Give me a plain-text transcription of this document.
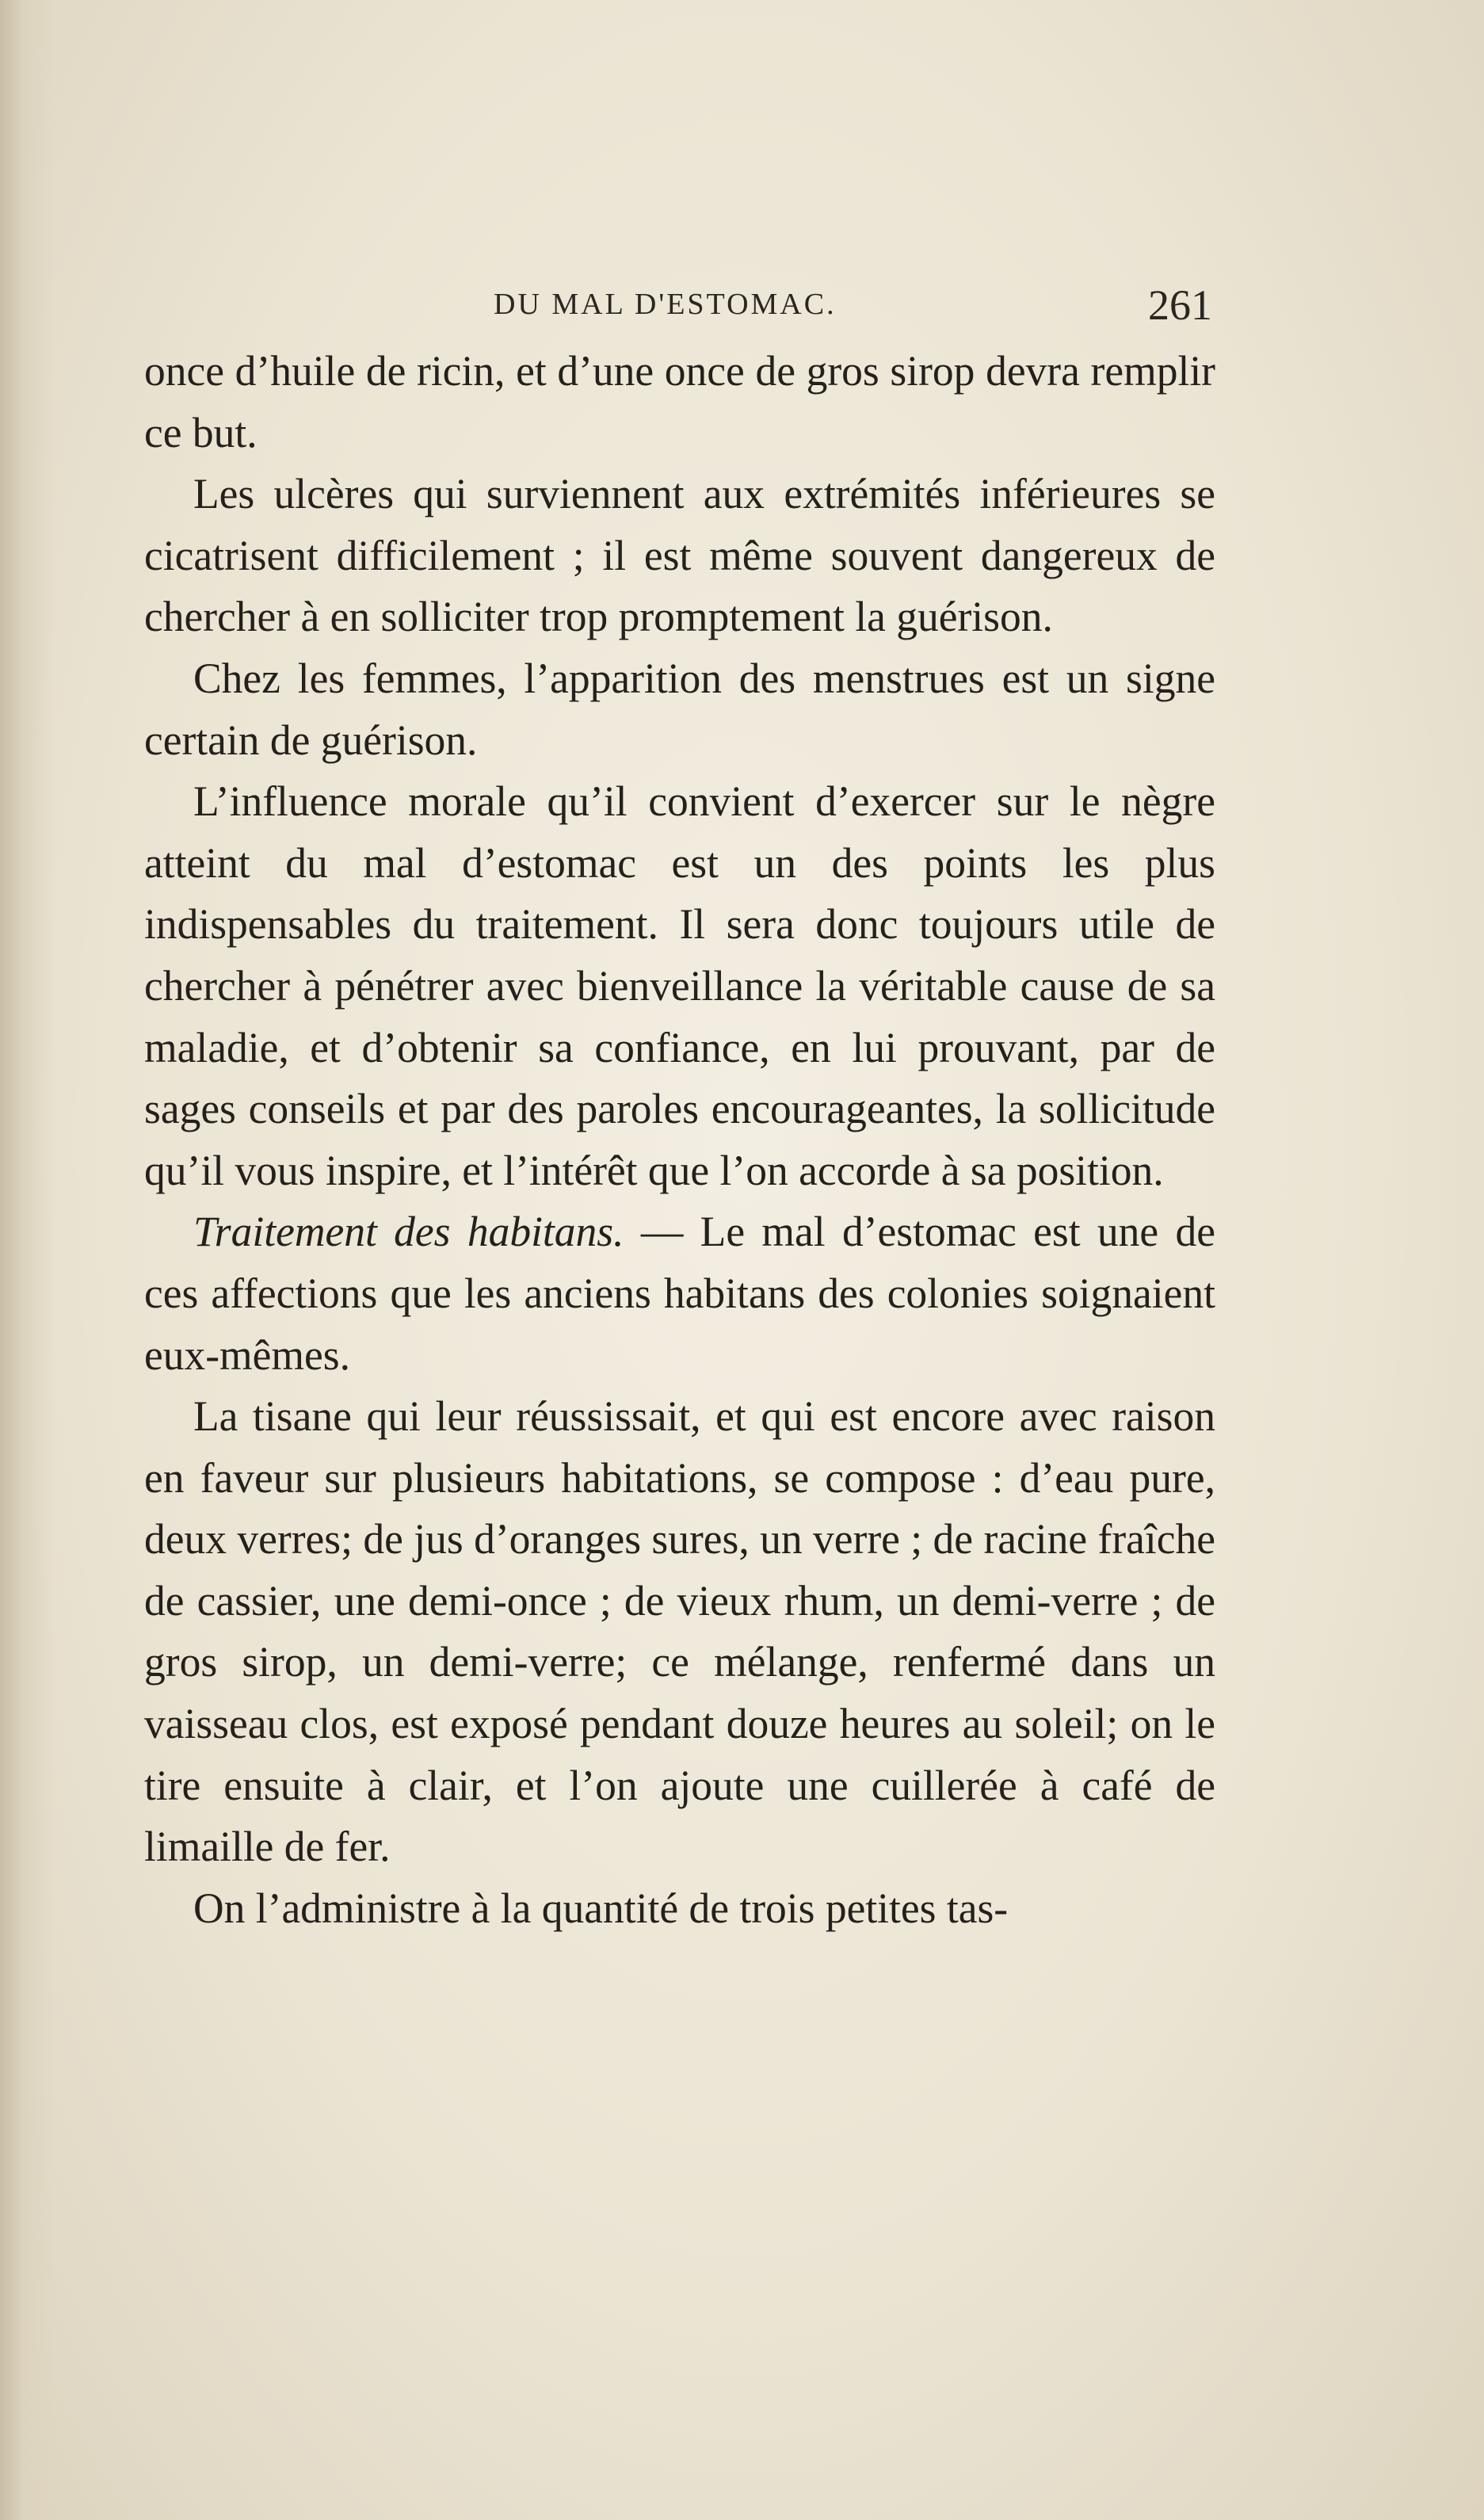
DU MAL D'ESTOMAC.	261

once d’huile de ricin, et d’une once de gros sirop devra remplir ce but.

Les ulcères qui surviennent aux extrémités inférieures se cicatrisent difficilement ; il est même souvent dangereux de chercher à en solliciter trop promptement la guérison.

Chez les femmes, l’apparition des menstrues est un signe certain de guérison.

L’influence morale qu’il convient d’exercer sur le nègre atteint du mal d’estomac est un des points les plus indispensables du traitement. Il sera donc toujours utile de chercher à pénétrer avec bienveillance la véritable cause de sa maladie, et d’obtenir sa confiance, en lui prouvant, par de sages conseils et par des paroles encourageantes, la sollicitude qu’il vous inspire, et l’intérêt que l’on accorde à sa position.

Traitement des habitans. — Le mal d’estomac est une de ces affections que les anciens habitans des colonies soignaient eux-mêmes.

La tisane qui leur réussissait, et qui est encore avec raison en faveur sur plusieurs habitations, se compose : d’eau pure, deux verres; de jus d’oranges sures, un verre ; de racine fraîche de cassier, une demi-once ; de vieux rhum, un demi-verre ; de gros sirop, un demi-verre; ce mélange, renfermé dans un vaisseau clos, est exposé pendant douze heures au soleil; on le tire ensuite à clair, et l’on ajoute une cuillerée à café de limaille de fer.

On l’administre à la quantité de trois petites tas-
